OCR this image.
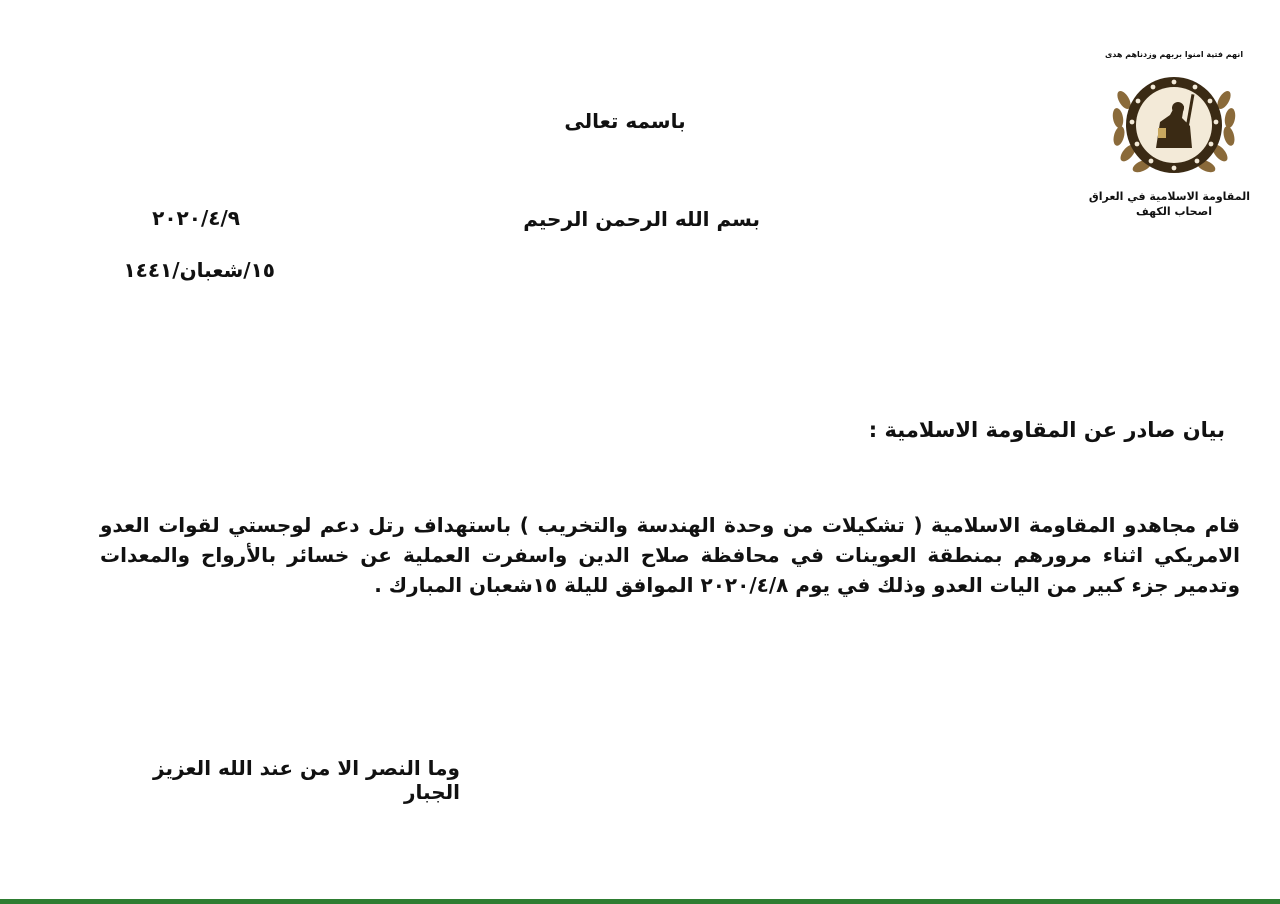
باسمه تعالى
بسم الله الرحمن الرحيم
٢٠٢٠/٤/٩
١٥/شعبان/١٤٤١
انهم فتية امنوا بربهم وزدناهم هدى
المقاومة الاسلامية في العراق
اصحاب الكهف
بيان صادر عن المقاومة الاسلامية :
قام مجاهدو المقاومة الاسلامية ( تشكيلات من وحدة الهندسة والتخريب ) باستهداف رتل دعم لوجستي لقوات العدو الامريكي اثناء مرورهم بمنطقة العوينات في محافظة صلاح الدين واسفرت العملية عن خسائر بالأرواح والمعدات وتدمير جزء كبير من اليات العدو وذلك في يوم ٢٠٢٠/٤/٨ الموافق لليلة ١٥شعبان المبارك .
وما النصر الا من عند الله العزيز الجبار
